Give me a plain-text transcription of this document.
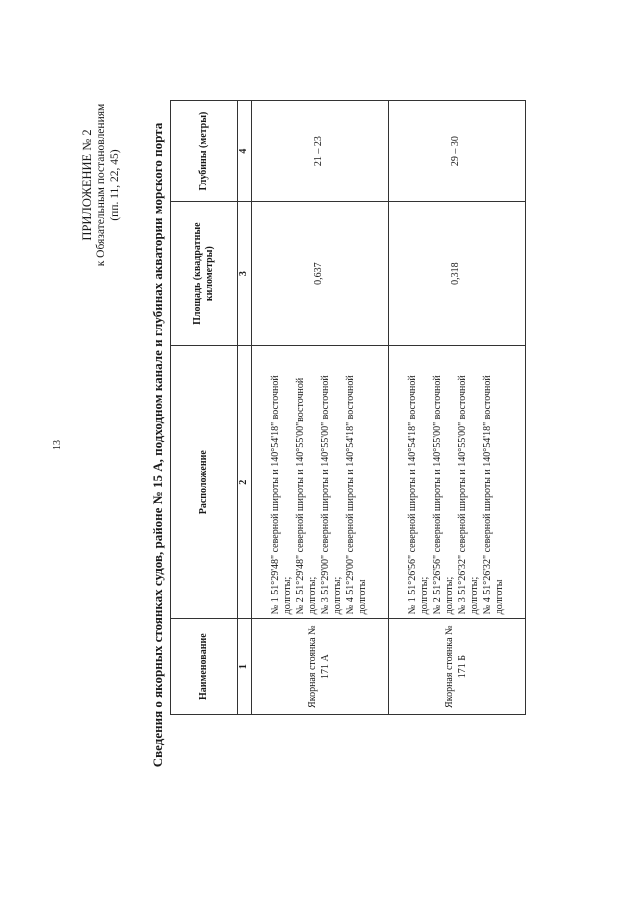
13
ПРИЛОЖЕНИЕ № 2 к Обязательным постановлениям (пп. 11, 22, 45) Сведения о якорных стоянках судов, районе № 15 А, подходном канале и глубинах акватории морского порта	Наименование	Расположение	Площадь (квадратные километры)	Глубины (метры)
1	2	3	4
Якорная стоянка № 171 А	№ 1 51°29'48" северной широты и 140°54'18" восточной долготы; № 2 51°29'48" северной широты и 140°55'00"восточной долготы; № 3 51°29'00" северной широты и 140°55'00" восточной долготы; № 4 51°29'00" северной широты и 140°54'18" восточной долготы	0,637	21 – 23
Якорная стоянка № 171 Б	№ 1 51°26'56" северной широты и 140°54'18" восточной долготы; № 2 51°26'56" северной широты и 140°55'00" восточной долготы; № 3 51°26'32" северной широты и 140°55'00" восточной долготы; № 4 51°26'32" северной широты и 140°54'18" восточной долготы	0,318	29 – 30
